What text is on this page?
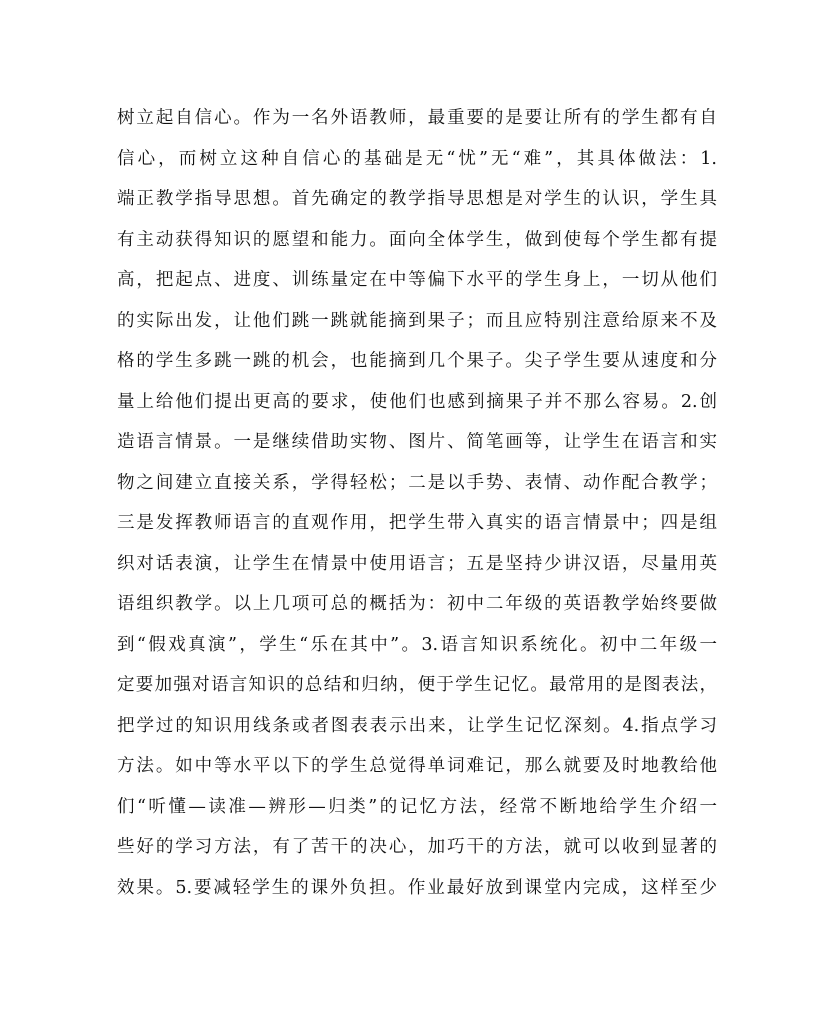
树立起自信心。作为一名外语教师，最重要的是要让所有的学生都有自
信心，而树立这种自信心的基础是无“忧”无“难”，其具体做法：1.
端正教学指导思想。首先确定的教学指导思想是对学生的认识，学生具
有主动获得知识的愿望和能力。面向全体学生，做到使每个学生都有提
高，把起点、进度、训练量定在中等偏下水平的学生身上，一切从他们
的实际出发，让他们跳一跳就能摘到果子；而且应特别注意给原来不及
格的学生多跳一跳的机会，也能摘到几个果子。尖子学生要从速度和分
量上给他们提出更高的要求，使他们也感到摘果子并不那么容易。2.创
造语言情景。一是继续借助实物、图片、简笔画等，让学生在语言和实
物之间建立直接关系，学得轻松；二是以手势、表情、动作配合教学；
三是发挥教师语言的直观作用，把学生带入真实的语言情景中；四是组
织对话表演，让学生在情景中使用语言；五是坚持少讲汉语，尽量用英
语组织教学。以上几项可总的概括为：初中二年级的英语教学始终要做
到“假戏真演”，学生“乐在其中”。3.语言知识系统化。初中二年级一
定要加强对语言知识的总结和归纳，便于学生记忆。最常用的是图表法，
把学过的知识用线条或者图表表示出来，让学生记忆深刻。4.指点学习
方法。如中等水平以下的学生总觉得单词难记，那么就要及时地教给他
们“听懂—读准—辨形—归类”的记忆方法，经常不断地给学生介绍一
些好的学习方法，有了苦干的决心，加巧干的方法，就可以收到显著的
效果。5.要减轻学生的课外负担。作业最好放到课堂内完成，这样至少
